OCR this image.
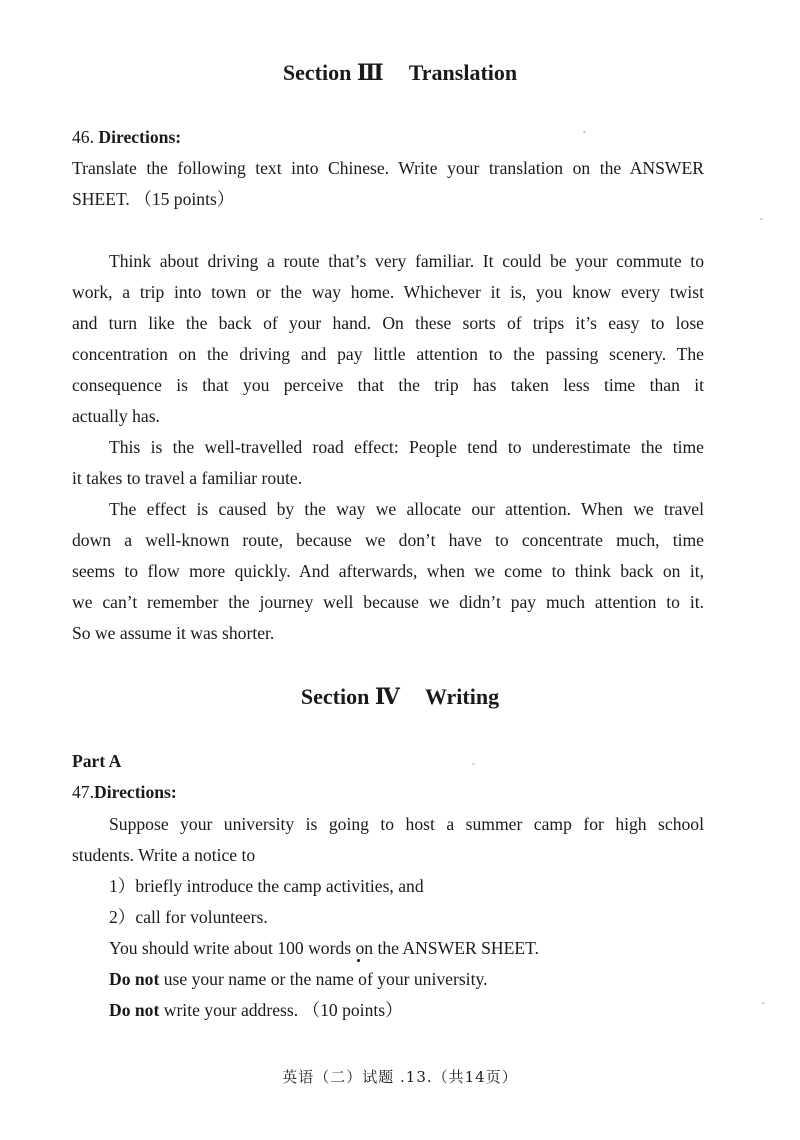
Section Ⅲ Translation

46. Directions:

Translate the following text into Chinese. Write your translation on the ANSWER

SHEET. （15 points）

Think about driving a route that’s very familiar. It could be your commute to

work, a trip into town or the way home. Whichever it is, you know every twist

and turn like the back of your hand. On these sorts of trips it’s easy to lose

concentration on the driving and pay little attention to the passing scenery. The

consequence is that you perceive that the trip has taken less time than it

actually has.

This is the well-travelled road effect: People tend to underestimate the time

it takes to travel a familiar route.

The effect is caused by the way we allocate our attention. When we travel

down a well-known route, because we don’t have to concentrate much, time

seems to flow more quickly. And afterwards, when we come to think back on it,

we can’t remember the journey well because we didn’t pay much attention to it.

So we assume it was shorter.

Section Ⅳ Writing

Part A

47.Directions:

Suppose your university is going to host a summer camp for high school

students. Write a notice to

1）briefly introduce the camp activities, and

2）call for volunteers.

You should write about 100 words on the ANSWER SHEET.

Do not use your name or the name of your university.

Do not write your address. （10 points）

英语（二）试题 .13.（共14页）
